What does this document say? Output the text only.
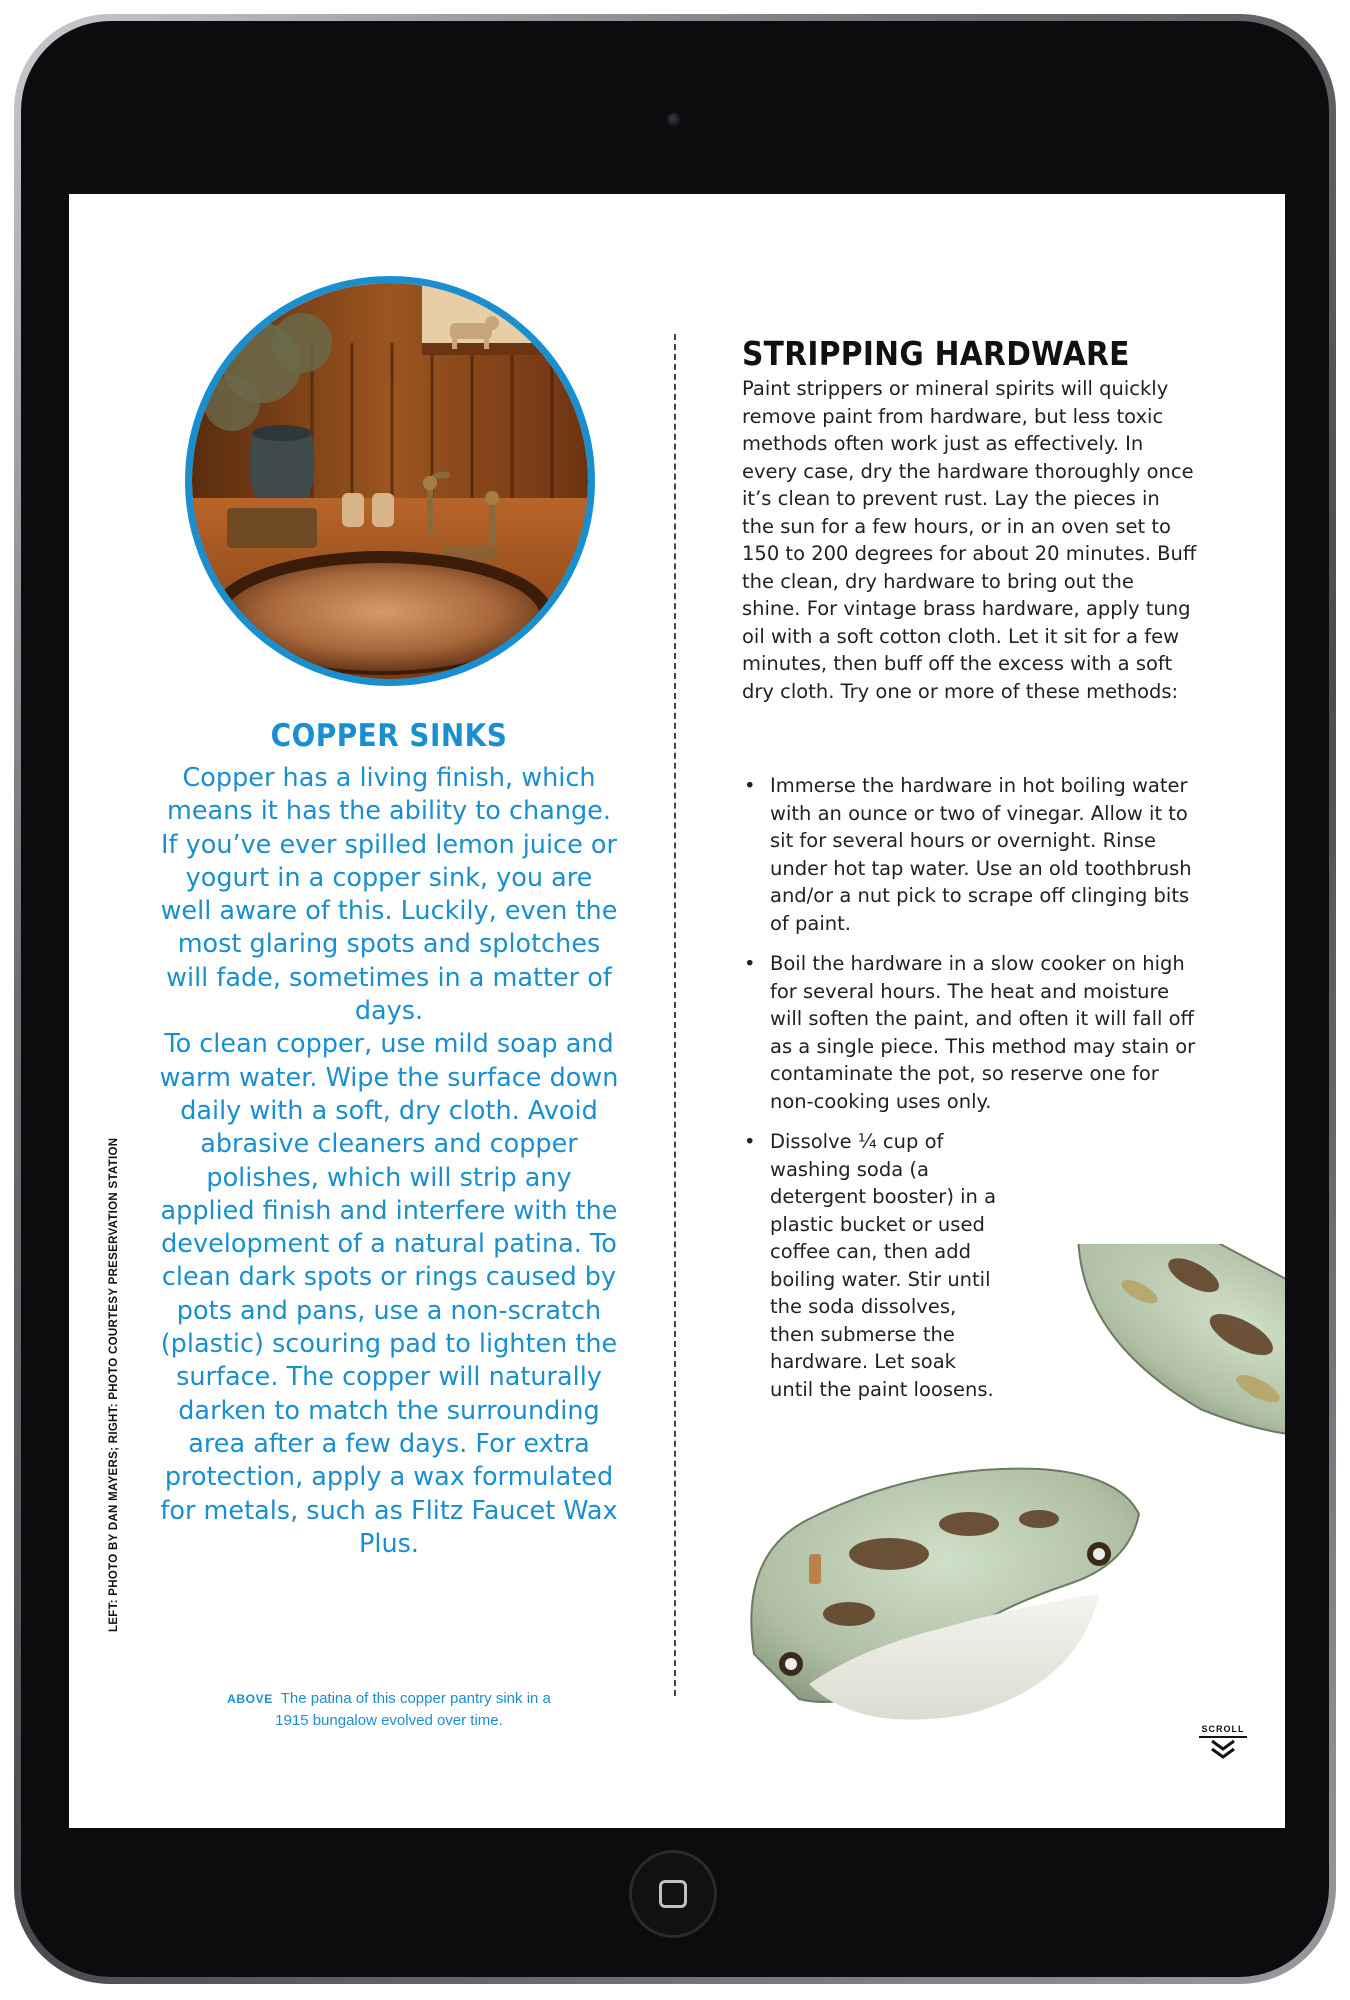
COPPER SINKS

Copper has a living finish, which means it has the ability to change. If you’ve ever spilled lemon juice or yogurt in a copper sink, you are well aware of this. Luckily, even the most glaring spots and splotches will fade, sometimes in a matter of days.

To clean copper, use mild soap and warm water. Wipe the surface down daily with a soft, dry cloth. Avoid abrasive cleaners and copper polishes, which will strip any applied finish and interfere with the development of a natural patina. To clean dark spots or rings caused by pots and pans, use a non-scratch (plastic) scouring pad to lighten the surface. The copper will naturally darken to match the surrounding area after a few days. For extra protection, apply a wax formulated for metals, such as Flitz Faucet Wax Plus.

ABOVE The patina of this copper pantry sink in a 1915 bungalow evolved over time.
LEFT: PHOTO BY DAN MAYERS; RIGHT: PHOTO COURTESY PRESERVATION STATION
STRIPPING HARDWARE

Paint strippers or mineral spirits will quickly remove paint from hardware, but less toxic methods often work just as effectively. In every case, dry the hardware thoroughly once it’s clean to prevent rust. Lay the pieces in the sun for a few hours, or in an oven set to 150 to 200 degrees for about 20 minutes. Buff the clean, dry hardware to bring out the shine. For vintage brass hardware, apply tung oil with a soft cotton cloth. Let it sit for a few minutes, then buff off the excess with a soft dry cloth. Try one or more of these methods:

• Immerse the hardware in hot boiling water with an ounce or two of vinegar. Allow it to sit for several hours or overnight. Rinse under hot tap water. Use an old toothbrush and/or a nut pick to scrape off clinging bits of paint.
• Boil the hardware in a slow cooker on high for several hours. The heat and moisture will soften the paint, and often it will fall off as a single piece. This method may stain or contaminate the pot, so reserve one for non-cooking uses only.
• Dissolve ¼ cup of washing soda (a detergent booster) in a plastic bucket or used coffee can, then add boiling water. Stir until the soda dissolves, then submerse the hardware. Let soak until the paint loosens.
SCROLL
